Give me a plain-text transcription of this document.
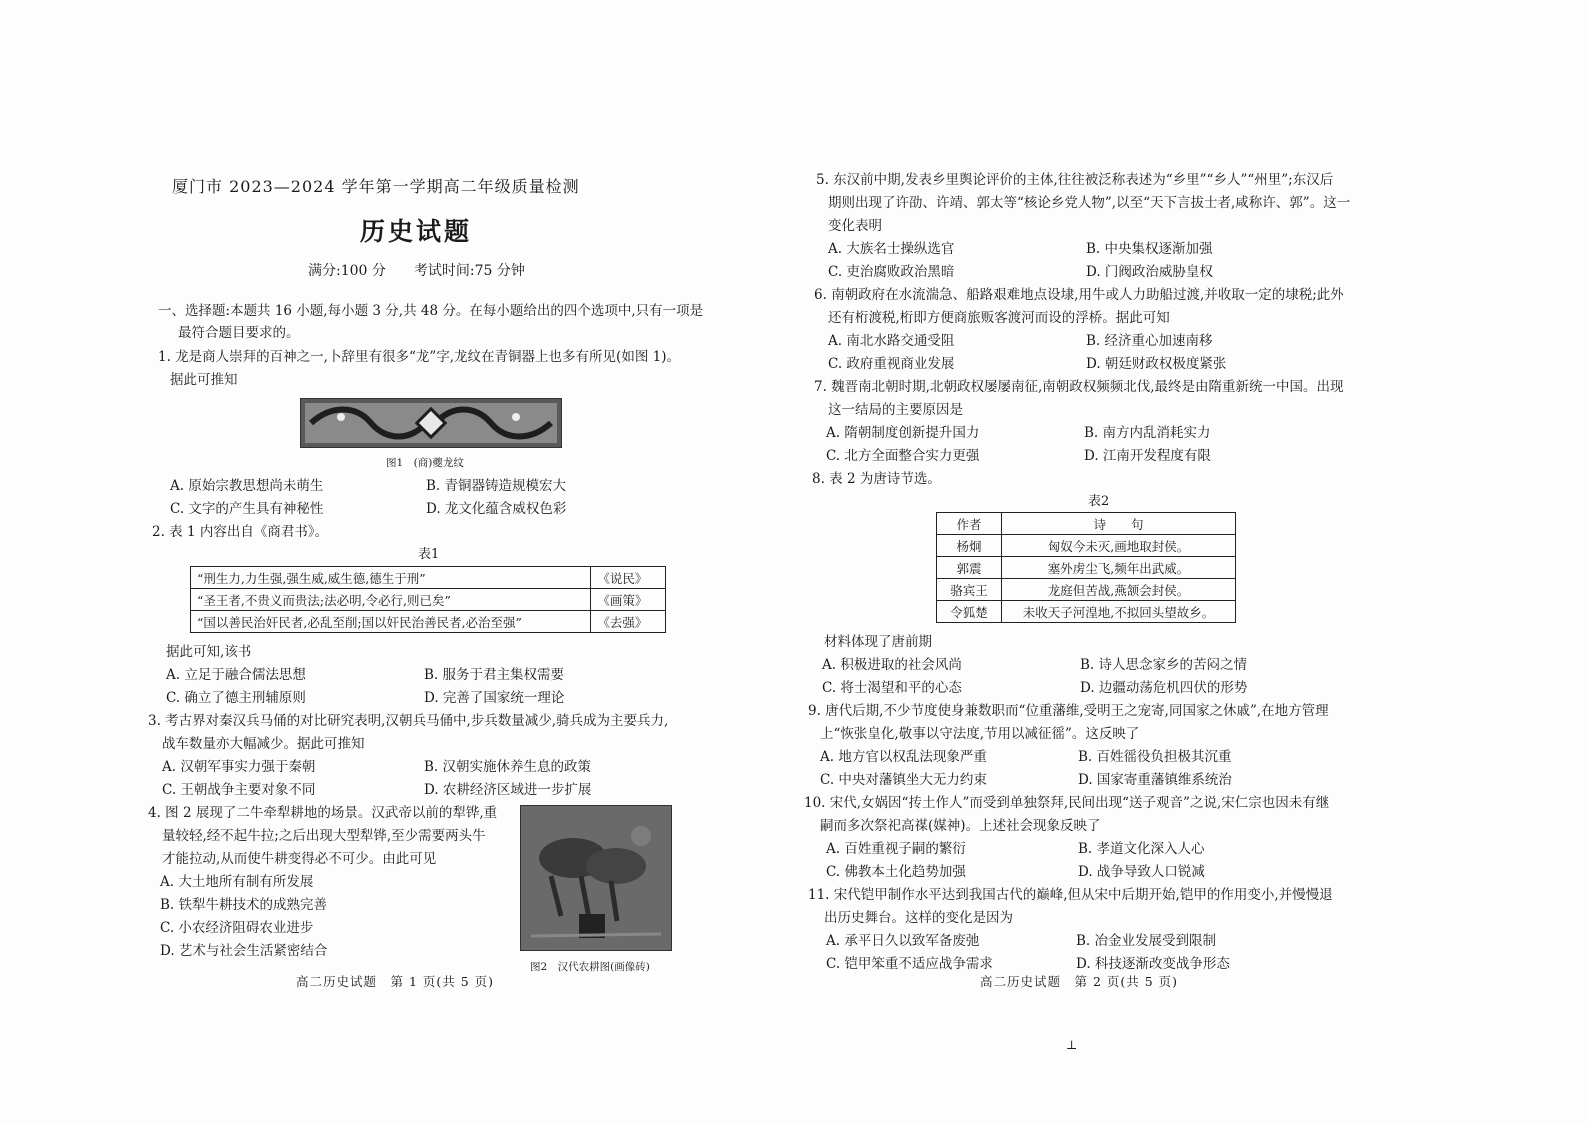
厦门市 2023—2024 学年第一学期高二年级质量检测
历史试题
满分:100 分　　考试时间:75 分钟
一、选择题:本题共 16 小题,每小题 3 分,共 48 分。在每小题给出的四个选项中,只有一项是
最符合题目要求的。
1. 龙是商人崇拜的百神之一,卜辞里有很多“龙”字,龙纹在青铜器上也多有所见(如图 1)。
据此可推知
图1　(商)夔龙纹
A. 原始宗教思想尚未萌生	B. 青铜器铸造规模宏大
C. 文字的产生具有神秘性	D. 龙文化蕴含威权色彩
2. 表 1 内容出自《商君书》。
表1
“刑生力,力生强,强生威,威生德,德生于刑”	《说民》
“圣王者,不贵义而贵法;法必明,令必行,则已矣”	《画策》
“国以善民治奸民者,必乱至削;国以奸民治善民者,必治至强”	《去强》
据此可知,该书
A. 立足于融合儒法思想	B. 服务于君主集权需要
C. 确立了德主刑辅原则	D. 完善了国家统一理论
3. 考古界对秦汉兵马俑的对比研究表明,汉朝兵马俑中,步兵数量减少,骑兵成为主要兵力,
战车数量亦大幅减少。据此可推知
A. 汉朝军事实力强于秦朝	B. 汉朝实施休养生息的政策
C. 王朝战争主要对象不同	D. 农耕经济区域进一步扩展
4. 图 2 展现了二牛牵犁耕地的场景。汉武帝以前的犁铧,重
量较轻,经不起牛拉;之后出现大型犁铧,至少需要两头牛
才能拉动,从而使牛耕变得必不可少。由此可见
A. 大土地所有制有所发展
B. 铁犁牛耕技术的成熟完善
C. 小农经济阻碍农业进步
D. 艺术与社会生活紧密结合
图2　汉代农耕图(画像砖)
高二历史试题　第 1 页(共 5 页)
5. 东汉前中期,发表乡里舆论评价的主体,往往被泛称表述为“乡里”“乡人”“州里”;东汉后
期则出现了许劭、许靖、郭太等“核论乡党人物”,以至“天下言拔士者,咸称许、郭”。这一
变化表明
A. 大族名士操纵选官	B. 中央集权逐渐加强
C. 吏治腐败政治黑暗	D. 门阀政治威胁皇权
6. 南朝政府在水流湍急、船路艰难地点设埭,用牛或人力助船过渡,并收取一定的埭税;此外
还有桁渡税,桁即方便商旅贩客渡河而设的浮桥。据此可知
A. 南北水路交通受阻	B. 经济重心加速南移
C. 政府重视商业发展	D. 朝廷财政权极度紧张
7. 魏晋南北朝时期,北朝政权屡屡南征,南朝政权频频北伐,最终是由隋重新统一中国。出现
这一结局的主要原因是
A. 隋朝制度创新提升国力	B. 南方内乱消耗实力
C. 北方全面整合实力更强	D. 江南开发程度有限
8. 表 2 为唐诗节选。
表2
作者	诗　　句
杨炯	匈奴今未灭,画地取封侯。
郭震	塞外虏尘飞,频年出武威。
骆宾王	龙庭但苦战,燕颔会封侯。
令狐楚	未收天子河湟地,不拟回头望故乡。
材料体现了唐前期
A. 积极进取的社会风尚	B. 诗人思念家乡的苦闷之情
C. 将士渴望和平的心态	D. 边疆动荡危机四伏的形势
9. 唐代后期,不少节度使身兼数职而“位重藩维,受明王之宠寄,同国家之休戚”,在地方管理
上“恢张皇化,敬事以守法度,节用以减征徭”。这反映了
A. 地方官以权乱法现象严重	B. 百姓徭役负担极其沉重
C. 中央对藩镇坐大无力约束	D. 国家寄重藩镇维系统治
10. 宋代,女娲因“抟土作人”而受到单独祭拜,民间出现“送子观音”之说,宋仁宗也因未有继
嗣而多次祭祀高禖(媒神)。上述社会现象反映了
A. 百姓重视子嗣的繁衍	B. 孝道文化深入人心
C. 佛教本土化趋势加强	D. 战争导致人口锐减
11. 宋代铠甲制作水平达到我国古代的巅峰,但从宋中后期开始,铠甲的作用变小,并慢慢退
出历史舞台。这样的变化是因为
A. 承平日久以致军备废弛	B. 冶金业发展受到限制
C. 铠甲笨重不适应战争需求	D. 科技逐渐改变战争形态
高二历史试题　第 2 页(共 5 页)
⊥
